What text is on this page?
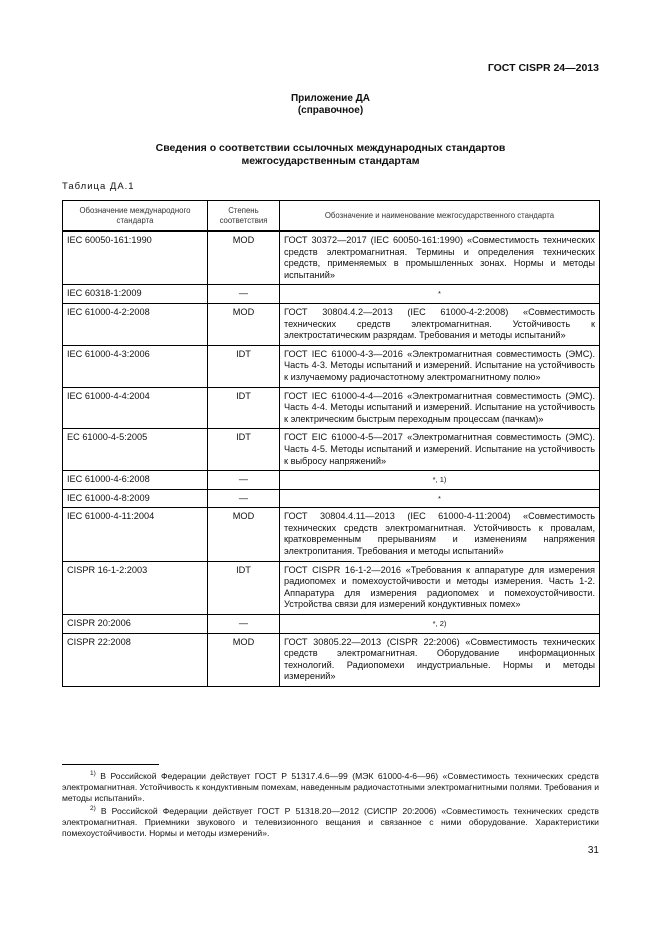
ГОСТ CISPR 24—2013
Приложение ДА
(справочное)
Сведения о соответствии ссылочных международных стандартов
межгосударственным стандартам
Таблица ДА.1
Обозначение международного стандарта	Степень соответствия	Обозначение и наименование межгосударственного стандарта
IEC 60050-161:1990	MOD	ГОСТ 30372—2017 (IEC 60050-161:1990) «Совместимость технических средств электромагнитная. Термины и определения технических средств, применяемых в промышленных зонах. Нормы и методы испытаний»
IEC 60318-1:2009	—	*
IEC 61000-4-2:2008	MOD	ГОСТ 30804.4.2—2013 (IEC 61000-4-2:2008) «Совместимость технических средств электромагнитная. Устойчивость к электростатическим разрядам. Требования и методы испытаний»
IEC 61000-4-3:2006	IDT	ГОСТ IEC 61000-4-3—2016 «Электромагнитная совместимость (ЭМС). Часть 4-3. Методы испытаний и измерений. Испытание на устойчивость к излучаемому радиочастотному электромагнитному полю»
IEC 61000-4-4:2004	IDT	ГОСТ IEC 61000-4-4—2016 «Электромагнитная совместимость (ЭМС). Часть 4-4. Методы испытаний и измерений. Испытание на устойчивость к электрическим быстрым переходным процессам (пачкам)»
EC 61000-4-5:2005	IDT	ГОСТ EIC 61000-4-5—2017 «Электромагнитная совместимость (ЭМС). Часть 4-5. Методы испытаний и измерений. Испытание на устойчивость к выбросу напряжений»
IEC 61000-4-6:2008	—	*, 1)
IEC 61000-4-8:2009	—	*
IEC 61000-4-11:2004	MOD	ГОСТ 30804.4.11—2013 (IEC 61000-4-11:2004) «Совместимость технических средств электромагнитная. Устойчивость к провалам, кратковременным прерываниям и изменениям напряжения электропитания. Требования и методы испытаний»
CISPR 16-1-2:2003	IDT	ГОСТ CISPR 16-1-2—2016 «Требования к аппаратуре для измерения радиопомех и помехоустойчивости и методы измерения. Часть 1-2. Аппаратура для измерения радиопомех и помехоустойчивости. Устройства связи для измерений кондуктивных помех»
CISPR 20:2006	—	*, 2)
CISPR 22:2008	MOD	ГОСТ 30805.22—2013 (CISPR 22:2006) «Совместимость технических средств электромагнитная. Оборудование информационных технологий. Радиопомехи индустриальные. Нормы и методы измерений»
$^{1)}$ В Российской Федерации действует ГОСТ Р 51317.4.6—99 (МЭК 61000-4-6—96) «Совместимость технических средств электромагнитная. Устойчивость к кондуктивным помехам, наведенным радиочастотными электромагнитными полями. Требования и методы испытаний».
$^{2)}$ В Российской Федерации действует ГОСТ Р 51318.20—2012 (СИСПР 20:2006) «Совместимость технических средств электромагнитная. Приемники звукового и телевизионного вещания и связанное с ними оборудование. Характеристики помехоустойчивости. Нормы и методы измерений».
31
